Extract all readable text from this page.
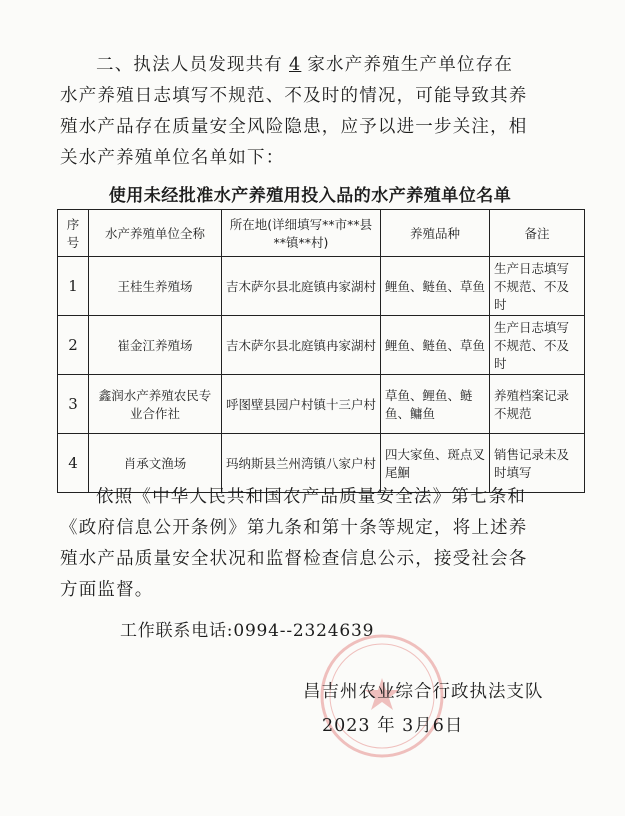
二、执法人员发现共有 4 家水产养殖生产单位存在水产养殖日志填写不规范、不及时的情况，可能导致其养殖水产品存在质量安全风险隐患，应予以进一步关注，相关水产养殖单位名单如下：

使用未经批准水产养殖用投入品的水产养殖单位名单
序号	水产养殖单位全称	所在地(详细填写**市**县**镇**村)	养殖品种	备注
1	王桂生养殖场	吉木萨尔县北庭镇冉家湖村	鲤鱼、鲢鱼、草鱼	生产日志填写不规范、不及时
2	崔金江养殖场	吉木萨尔县北庭镇冉家湖村	鲤鱼、鲢鱼、草鱼	生产日志填写不规范、不及时
3	鑫润水产养殖农民专业合作社	呼图壁县园户村镇十三户村	草鱼、鲤鱼、鲢鱼、鳙鱼	养殖档案记录不规范
4	肖承文渔场	玛纳斯县兰州湾镇八家户村	四大家鱼、斑点叉尾鮰	销售记录未及时填写

依照《中华人民共和国农产品质量安全法》第七条和《政府信息公开条例》第九条和第十条等规定，将上述养殖水产品质量安全状况和监督检查信息公示，接受社会各方面监督。

工作联系电话:0994--2324639
昌吉州农业综合行政执法支队
2023 年 3月6日
